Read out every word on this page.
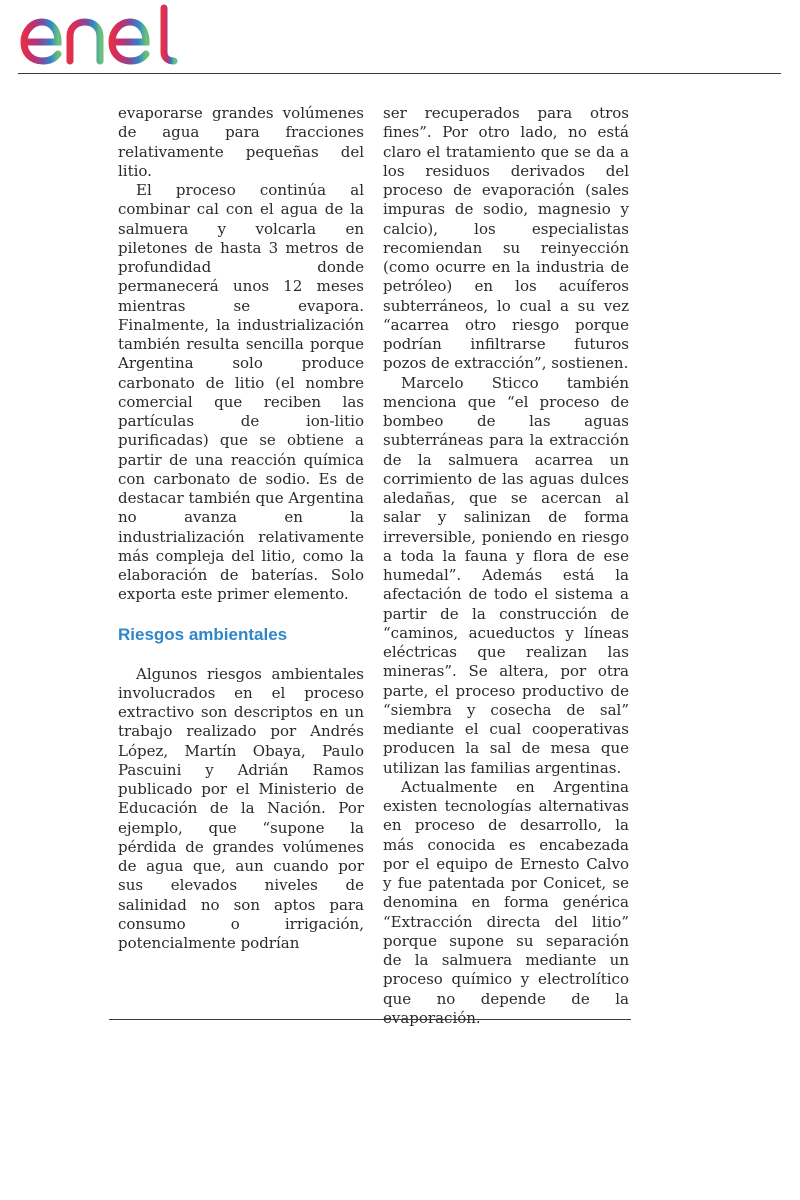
evaporarse grandes volúmenes de agua para fracciones relativamente pequeñas del litio.

El proceso continúa al combinar cal con el agua de la salmuera y volcarla en piletones de hasta 3 metros de profundidad donde permanecerá unos 12 meses mientras se evapora. Finalmente, la industrialización también resulta sencilla porque Argentina solo produce carbonato de litio (el nombre comercial que reciben las partículas de ion-litio purificadas) que se obtiene a partir de una reacción química con carbonato de sodio. Es de destacar también que Argentina no avanza en la industrialización relativamente más compleja del litio, como la elaboración de baterías. Solo exporta este primer elemento.

Riesgos ambientales

Algunos riesgos ambientales involucrados en el proceso extractivo son descriptos en un trabajo realizado por Andrés López, Martín Obaya, Paulo Pascuini y Adrián Ramos publicado por el Ministerio de Educación de la Nación. Por ejemplo, que “supone la pérdida de grandes volúmenes de agua que, aun cuando por sus elevados niveles de salinidad no son aptos para consumo o irrigación, potencialmente podrían

ser recuperados para otros fines”. Por otro lado, no está claro el tratamiento que se da a los residuos derivados del proceso de evaporación (sales impuras de sodio, magnesio y calcio), los especialistas recomiendan su reinyección (como ocurre en la industria de petróleo) en los acuíferos subterráneos, lo cual a su vez “acarrea otro riesgo porque podrían infiltrarse futuros pozos de extracción”, sostienen.

Marcelo Sticco también menciona que “el proceso de bombeo de las aguas subterráneas para la extracción de la salmuera acarrea un corrimiento de las aguas dulces aledañas, que se acercan al salar y salinizan de forma irreversible, poniendo en riesgo a toda la fauna y flora de ese humedal”. Además está la afectación de todo el sistema a partir de la construcción de “caminos, acueductos y líneas eléctricas que realizan las mineras”. Se altera, por otra parte, el proceso productivo de “siembra y cosecha de sal” mediante el cual cooperativas producen la sal de mesa que utilizan las familias argentinas.

Actualmente en Argentina existen tecnologías alternativas en proceso de desarrollo, la más conocida es encabezada por el equipo de Ernesto Calvo y fue patentada por Conicet, se denomina en forma genérica “Extracción directa del litio” porque supone su separación de la salmuera mediante un proceso químico y electrolítico que no depende de la evaporación.
